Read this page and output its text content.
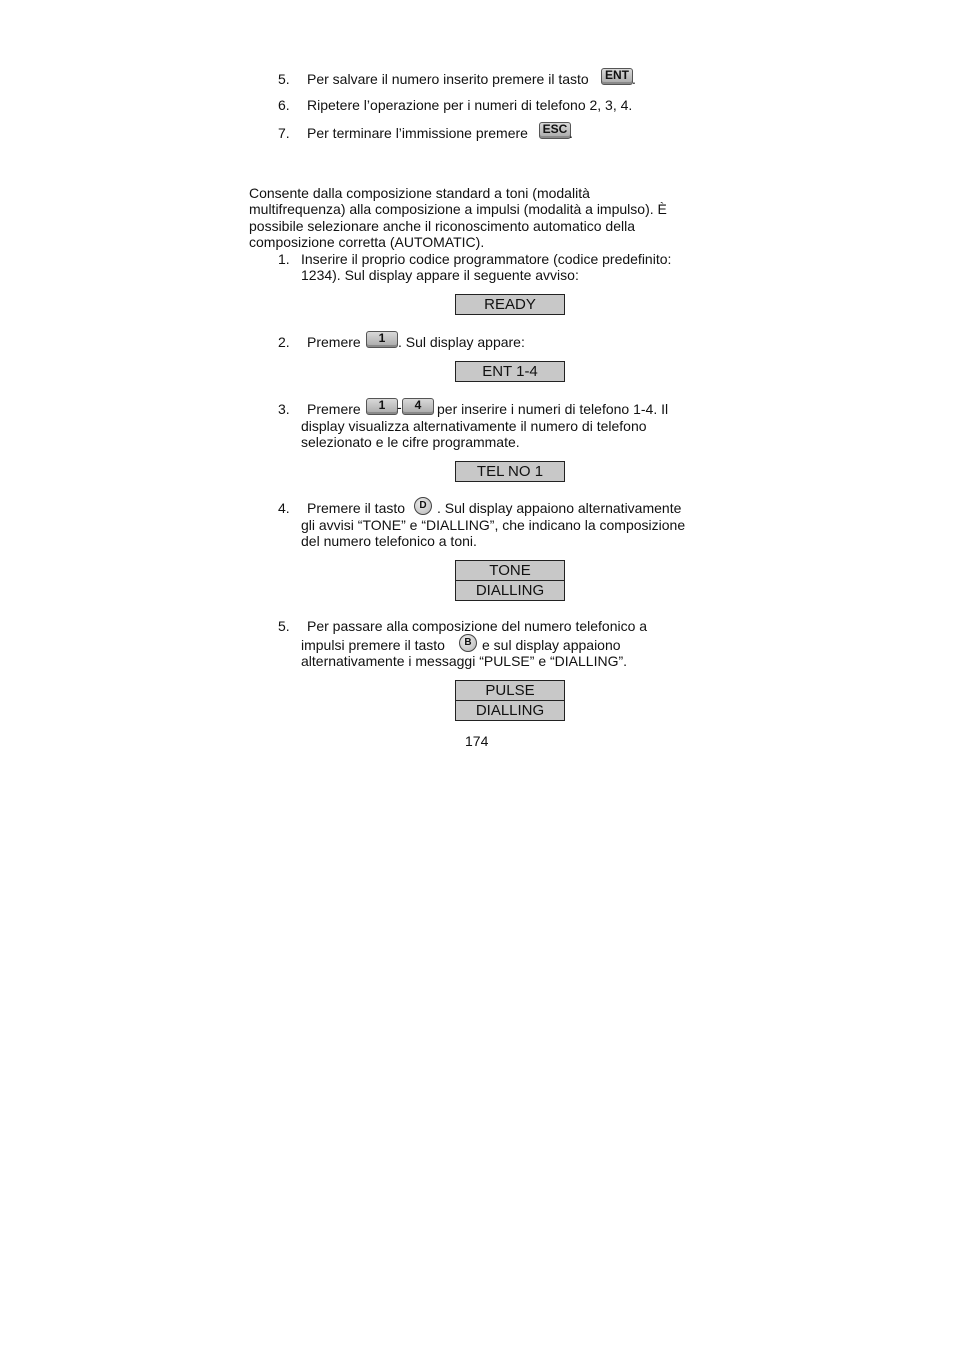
5. Per salvare il numero inserito premere il tasto	ENT .
6. Ripetere l’operazione per i numeri di telefono 2, 3, 4.
7. Per terminare l’immissione premere	ESC .
Consente dalla composizione standard a toni (modalità
multifrequenza) alla composizione a impulsi (modalità a impulso). È
possibile selezionare anche il riconoscimento automatico della
composizione corretta (AUTOMATIC).
1. Inserire il proprio codice programmatore (codice predefinito:
1234). Sul display appare il seguente avviso:
READY
2. Premere	1 . Sul display appare:
ENT 1-4
3. Premere	1 -	4	per inserire i numeri di telefono 1-4. Il
display visualizza alternativamente il numero di telefono
selezionato e le cifre programmate.
TEL NO 1
4. Premere il tasto	D . Sul display appaiono alternativamente
gli avvisi “TONE” e “DIALLING”, che indicano la composizione
del numero telefonico a toni.
TONE
DIALLING
5. Per passare alla composizione del numero telefonico a
impulsi premere il tasto	B e sul display appaiono
alternativamente i messaggi “PULSE” e “DIALLING”.
PULSE
DIALLING
174
